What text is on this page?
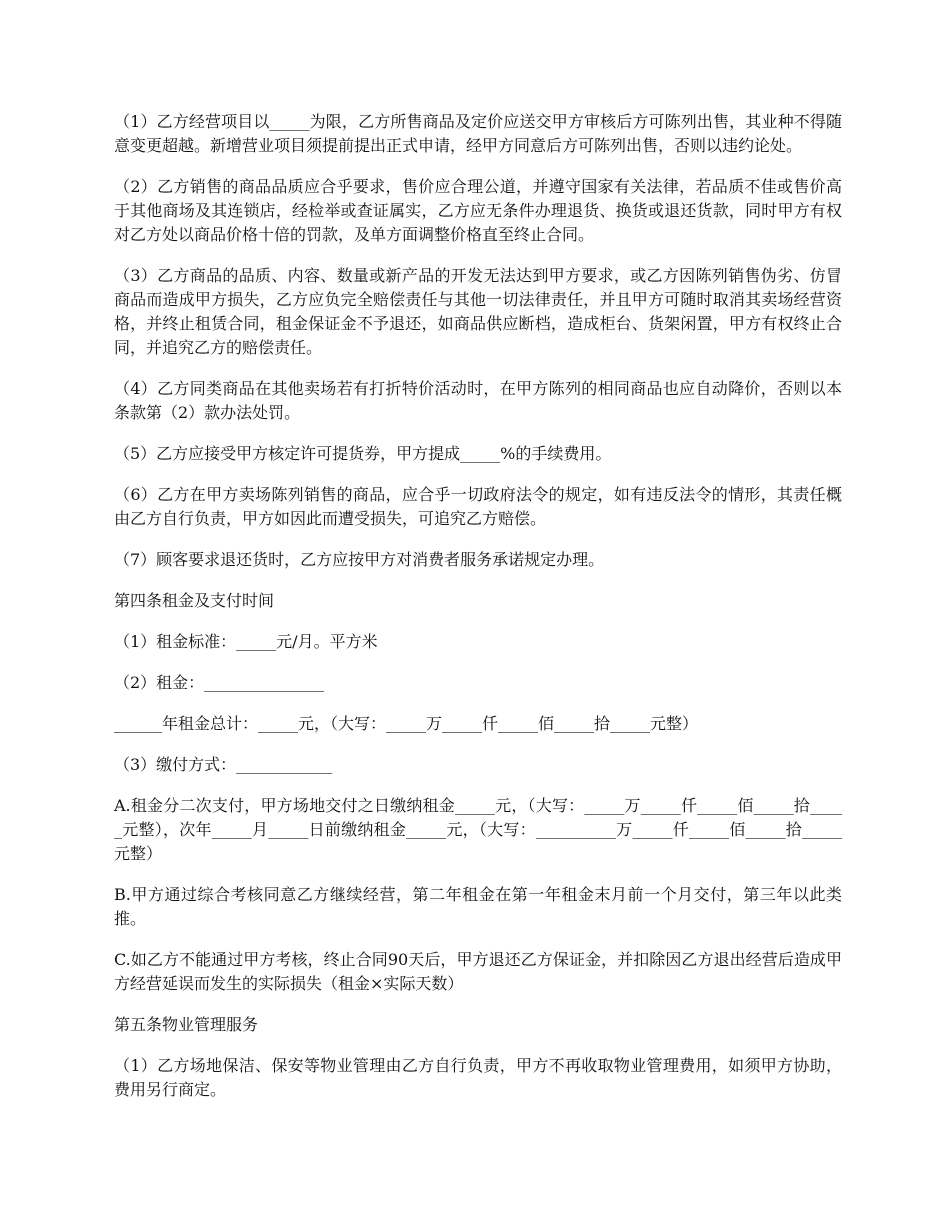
（1）乙方经营项目以_____为限，乙方所售商品及定价应送交甲方审核后方可陈列出售，其业种不得随意变更超越。新增营业项目须提前提出正式申请，经甲方同意后方可陈列出售，否则以违约论处。

（2）乙方销售的商品品质应合乎要求，售价应合理公道，并遵守国家有关法律，若品质不佳或售价高于其他商场及其连锁店，经检举或查证属实，乙方应无条件办理退货、换货或退还货款，同时甲方有权对乙方处以商品价格十倍的罚款，及单方面调整价格直至终止合同。

（3）乙方商品的品质、内容、数量或新产品的开发无法达到甲方要求，或乙方因陈列销售伪劣、仿冒商品而造成甲方损失，乙方应负完全赔偿责任与其他一切法律责任，并且甲方可随时取消其卖场经营资格，并终止租赁合同，租金保证金不予退还，如商品供应断档，造成柜台、货架闲置，甲方有权终止合同，并追究乙方的赔偿责任。

（4）乙方同类商品在其他卖场若有打折特价活动时，在甲方陈列的相同商品也应自动降价，否则以本条款第（2）款办法处罚。

（5）乙方应接受甲方核定许可提货券，甲方提成_____%的手续费用。

（6）乙方在甲方卖场陈列销售的商品，应合乎一切政府法令的规定，如有违反法令的情形，其责任概由乙方自行负责，甲方如因此而遭受损失，可追究乙方赔偿。

（7）顾客要求退还货时，乙方应按甲方对消费者服务承诺规定办理。

第四条租金及支付时间

（1）租金标准：_____元/月。平方米

（2）租金：_______________

______年租金总计：_____元，（大写：_____万_____仟_____佰_____拾_____元整）

（3）缴付方式：____________

A.租金分二次支付，甲方场地交付之日缴纳租金_____元，（大写：_____万_____仟_____佰_____拾_____元整），次年_____月_____日前缴纳租金_____元，（大写：__________万_____仟_____佰_____拾_____元整）

B.甲方通过综合考核同意乙方继续经营，第二年租金在第一年租金末月前一个月交付，第三年以此类推。

C.如乙方不能通过甲方考核，终止合同90天后，甲方退还乙方保证金，并扣除因乙方退出经营后造成甲方经营延误而发生的实际损失（租金×实际天数）

第五条物业管理服务

（1）乙方场地保洁、保安等物业管理由乙方自行负责，甲方不再收取物业管理费用，如须甲方协助，费用另行商定。
